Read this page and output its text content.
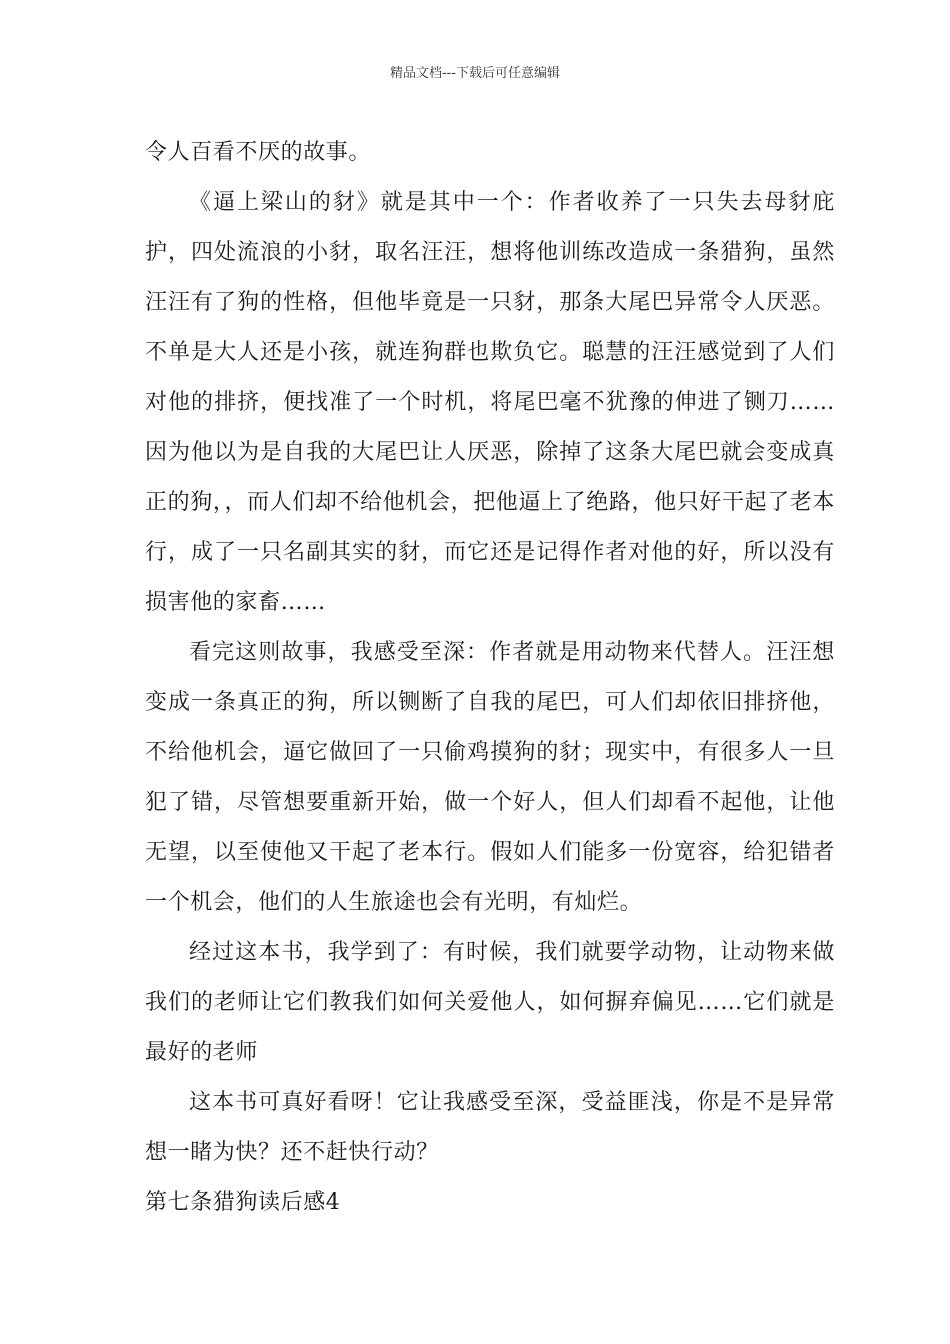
精品文档---下载后可任意编辑

令人百看不厌的故事。

《逼上梁山的豺》就是其中一个：作者收养了一只失去母豺庇护，四处流浪的小豺，取名汪汪，想将他训练改造成一条猎狗，虽然汪汪有了狗的性格，但他毕竟是一只豺，那条大尾巴异常令人厌恶。不单是大人还是小孩，就连狗群也欺负它。聪慧的汪汪感觉到了人们对他的排挤，便找准了一个时机，将尾巴毫不犹豫的伸进了铡刀……因为他以为是自我的大尾巴让人厌恶，除掉了这条大尾巴就会变成真正的狗，，而人们却不给他机会，把他逼上了绝路，他只好干起了老本行，成了一只名副其实的豺，而它还是记得作者对他的好，所以没有损害他的家畜……

看完这则故事，我感受至深：作者就是用动物来代替人。汪汪想变成一条真正的狗，所以铡断了自我的尾巴，可人们却依旧排挤他，不给他机会，逼它做回了一只偷鸡摸狗的豺；现实中，有很多人一旦犯了错，尽管想要重新开始，做一个好人，但人们却看不起他，让他无望，以至使他又干起了老本行。假如人们能多一份宽容，给犯错者一个机会，他们的人生旅途也会有光明，有灿烂。

经过这本书，我学到了：有时候，我们就要学动物，让动物来做我们的老师让它们教我们如何关爱他人，如何摒弃偏见……它们就是最好的老师

这本书可真好看呀！它让我感受至深，受益匪浅，你是不是异常想一睹为快？还不赶快行动？

第七条猎狗读后感4
